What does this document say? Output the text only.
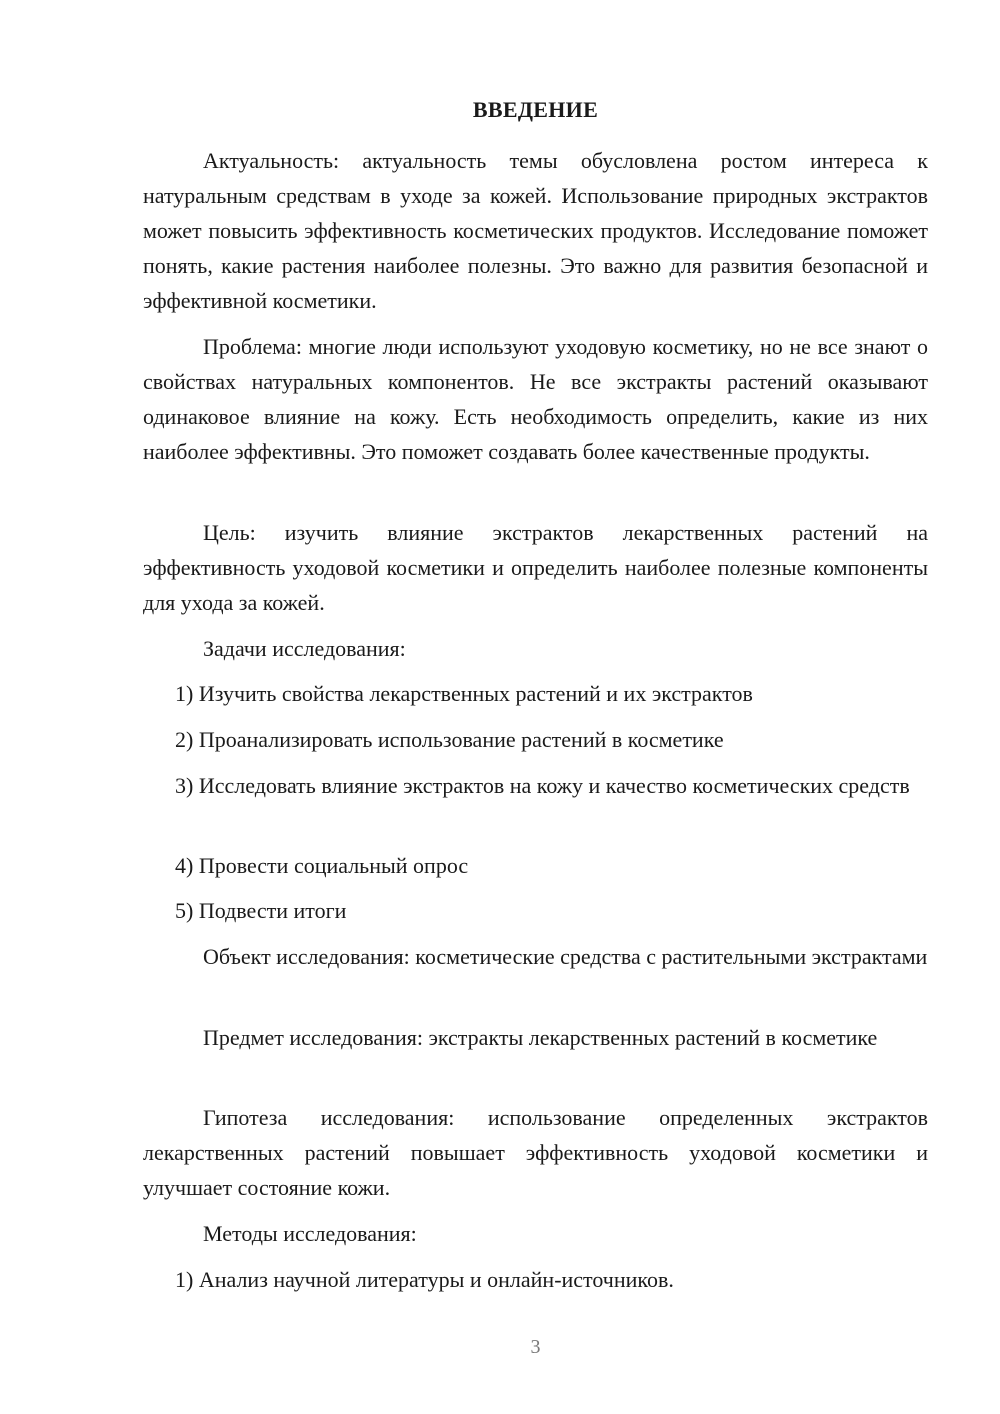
ВВЕДЕНИЕ

Актуальность: актуальность темы обусловлена ростом интереса к натуральным средствам в уходе за кожей. Использование природных экстрактов может повысить эффективность косметических продуктов. Исследование поможет понять, какие растения наиболее полезны. Это важно для развития безопасной и эффективной косметики.

Проблема: многие люди используют уходовую косметику, но не все знают о свойствах натуральных компонентов. Не все экстракты растений оказывают одинаковое влияние на кожу. Есть необходимость определить, какие из них наиболее эффективны. Это поможет создавать более качественные продукты.

Цель: изучить влияние экстрактов лекарственных растений на эффективность уходовой косметики и определить наиболее полезные компоненты для ухода за кожей.

Задачи исследования:

1) Изучить свойства лекарственных растений и их экстрактов

2) Проанализировать использование растений в косметике

3) Исследовать влияние экстрактов на кожу и качество косметических средств

4) Провести социальный опрос

5) Подвести итоги

Объект исследования: косметические средства с растительными экстрактами

Предмет исследования: экстракты лекарственных растений в косметике

Гипотеза исследования: использование определенных экстрактов лекарственных растений повышает эффективность уходовой косметики и улучшает состояние кожи.

Методы исследования:

1) Анализ научной литературы и онлайн-источников.

3
